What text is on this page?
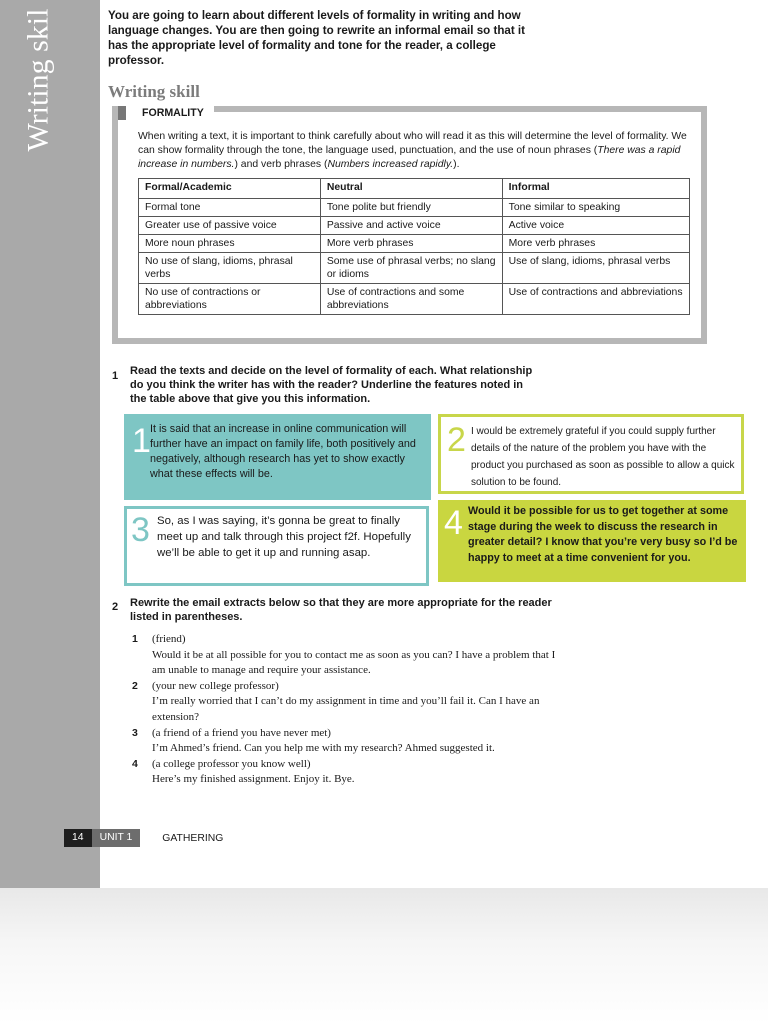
Writing skil	You are going to learn about different levels of formality in writing and how language changes. You are then going to rewrite an informal email so that it has the appropriate level of formality and tone for the reader, a college professor.

Writing skill
FORMALITY

When writing a text, it is important to think carefully about who will read it as this will determine the level of formality. We can show formality through the tone, the language used, punctuation, and the use of noun phrases (There was a rapid increase in numbers.) and verb phrases (Numbers increased rapidly.).

Formal/Academic	Neutral	Informal
Formal tone	Tone polite but friendly	Tone similar to speaking
Greater use of passive voice	Passive and active voice	Active voice
More noun phrases	More verb phrases	More verb phrases
No use of slang, idioms, phrasal verbs	Some use of phrasal verbs; no slang or idioms	Use of slang, idioms, phrasal verbs
No use of contractions or abbreviations	Use of contractions and some abbreviations	Use of contractions and abbreviations
1 Read the texts and decide on the level of formality of each. What relationship do you think the writer has with the reader? Underline the features noted in the table above that give you this information.

1 It is said that an increase in online communication will further have an impact on family life, both positively and negatively, although research has yet to show exactly what these effects will be.

2 I would be extremely grateful if you could supply further details of the nature of the problem you have with the product you purchased as soon as possible to allow a quick solution to be found.

3 So, as I was saying, it’s gonna be great to finally meet up and talk through this project f2f. Hopefully we’ll be able to get it up and running asap.

4 Would it be possible for us to get together at some stage during the week to discuss the research in greater detail? I know that you’re very busy so I’d be happy to meet at a time convenient for you.

2 Rewrite the email extracts below so that they are more appropriate for the reader listed in parentheses.

1 (friend)
Would it be at all possible for you to contact me as soon as you can? I have a problem that I am unable to manage and require your assistance.
2 (your new college professor)
I’m really worried that I can’t do my assignment in time and you’ll fail it. Can I have an extension?
3 (a friend of a friend you have never met)
I’m Ahmed’s friend. Can you help me with my research? Ahmed suggested it.
4 (a college professor you know well)
Here’s my finished assignment. Enjoy it. Bye.
14	UNIT 1	GATHERING
